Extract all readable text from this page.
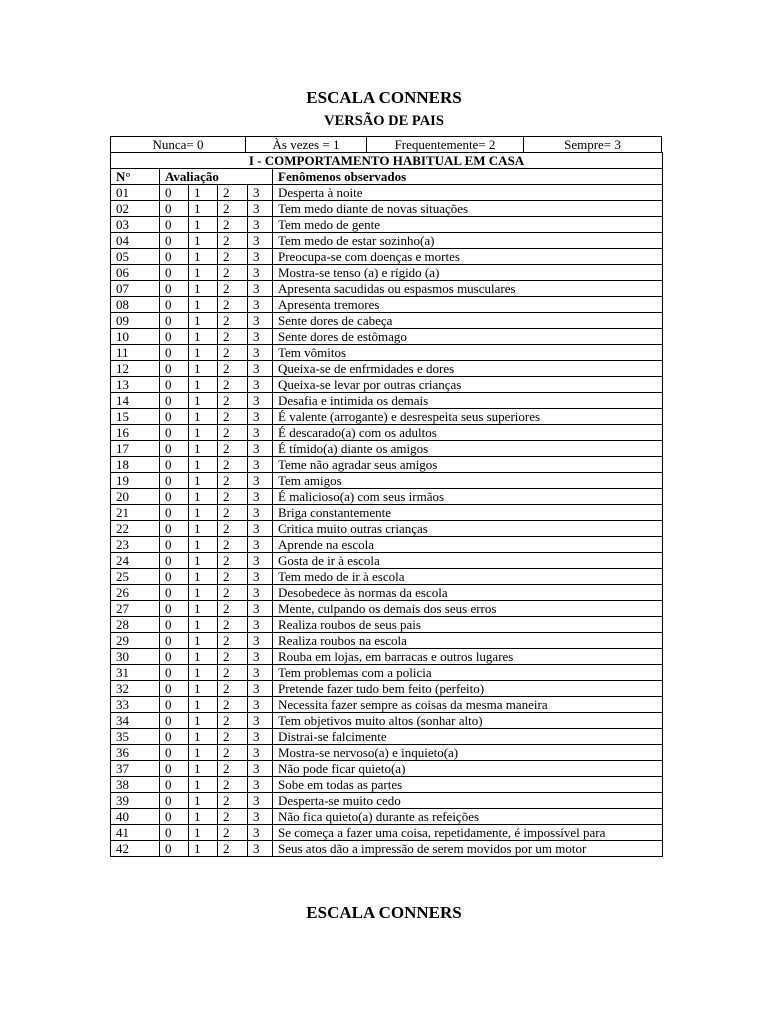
ESCALA CONNERS
VERSÃO DE PAIS
Nunca= 0	Às vezes = 1	Frequentemente= 2	Sempre= 3
I - COMPORTAMENTO HABITUAL EM CASA					
N°	Avaliação				Fenômenos observados
01	0	1	2	3	Desperta à noite
02	0	1	2	3	Tem medo diante de novas situações
03	0	1	2	3	Tem medo de gente
04	0	1	2	3	Tem medo de estar sozinho(a)
05	0	1	2	3	Preocupa-se com doenças e mortes
06	0	1	2	3	Mostra-se tenso (a) e rígido (a)
07	0	1	2	3	Apresenta sacudidas ou espasmos musculares
08	0	1	2	3	Apresenta tremores
09	0	1	2	3	Sente dores de cabeça
10	0	1	2	3	Sente dores de estômago
11	0	1	2	3	Tem vômitos
12	0	1	2	3	Queixa-se de enfrmidades e dores
13	0	1	2	3	Queixa-se levar por outras crianças
14	0	1	2	3	Desafia e intimida os demais
15	0	1	2	3	É valente (arrogante) e desrespeita seus superiores
16	0	1	2	3	É descarado(a) com os adultos
17	0	1	2	3	É tímido(a) diante os amigos
18	0	1	2	3	Teme não agradar seus amigos
19	0	1	2	3	Tem amigos
20	0	1	2	3	É malicioso(a) com seus irmãos
21	0	1	2	3	Briga constantemente
22	0	1	2	3	Critica muito outras crianças
23	0	1	2	3	Aprende na escola
24	0	1	2	3	Gosta de ir à escola
25	0	1	2	3	Tem medo de ir à escola
26	0	1	2	3	Desobedece às normas da escola
27	0	1	2	3	Mente, culpando os demais dos seus erros
28	0	1	2	3	Realiza roubos de seus pais
29	0	1	2	3	Realiza roubos na escola
30	0	1	2	3	Rouba em lojas, em barracas e outros lugares
31	0	1	2	3	Tem problemas com a policia
32	0	1	2	3	Pretende fazer tudo bem feito (perfeito)
33	0	1	2	3	Necessita fazer sempre as coisas da mesma maneira
34	0	1	2	3	Tem objetivos muito altos (sonhar alto)
35	0	1	2	3	Distrai-se falcimente
36	0	1	2	3	Mostra-se nervoso(a) e inquieto(a)
37	0	1	2	3	Não pode ficar quieto(a)
38	0	1	2	3	Sobe em todas as partes
39	0	1	2	3	Desperta-se muito cedo
40	0	1	2	3	Não fica quieto(a) durante as refeições
41	0	1	2	3	Se começa a fazer uma coisa, repetidamente, é impossível para
42	0	1	2	3	Seus atos dão a impressão de serem movidos por um motor
ESCALA CONNERS
